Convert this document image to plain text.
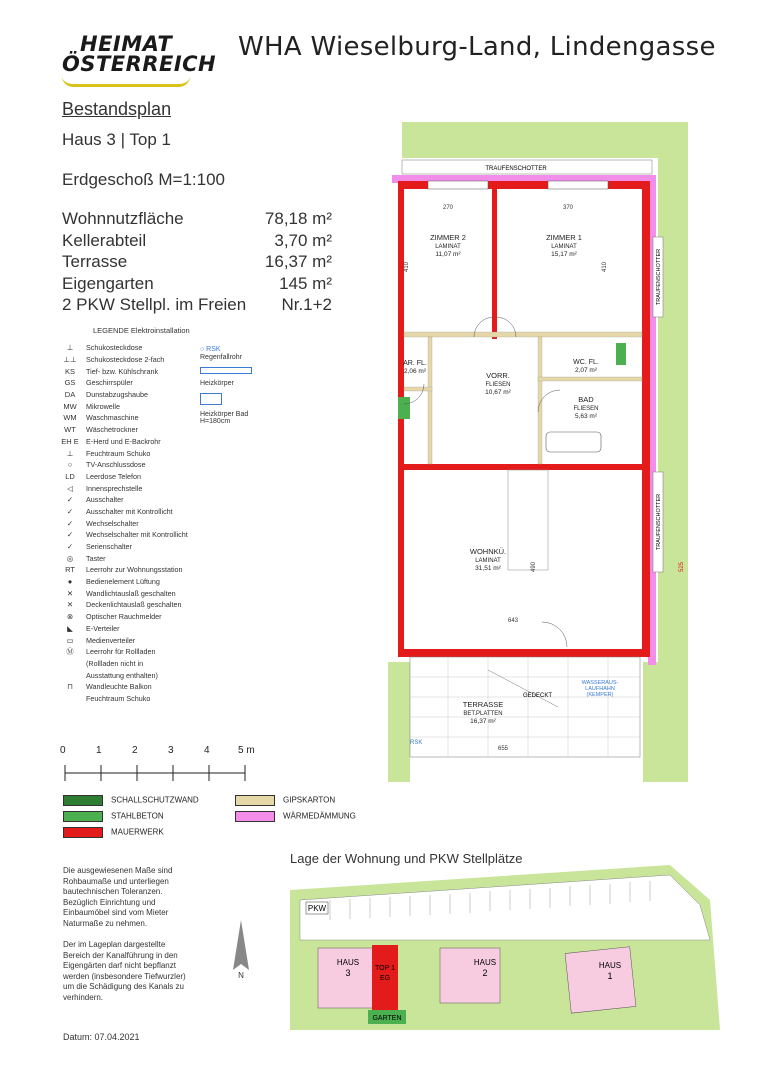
HEIMAT
ÖSTERREICH
WHA Wieselburg-Land, Lindengasse
Bestandsplan
Haus 3 | Top 1
Erdgeschoß M=1:100
Wohnnutzfläche	78,18 m²
Kellerabteil	3,70 m²
Terrasse	16,37 m²
Eigengarten	145 m²
2 PKW Stellpl. im Freien Nr.1+2
LEGENDE Elektroinstallation
⊥	Schukosteckdose
⊥⊥	Schukosteckdose 2-fach
KS	Tief- bzw. Kühlschrank
GS	Geschirrspüler
DA	Dunstabzugshaube
MW	Mikrowelle
WM	Waschmaschine
WT	Wäschetrockner
EH E	E-Herd und E-Backrohr
⊥	Feuchtraum Schuko
○	TV-Anschlussdose
LD	Leerdose Telefon
◁	Innensprechstelle
✓	Ausschalter
✓	Ausschalter mit Kontrollicht
✓	Wechselschalter
✓	Wechselschalter mit Kontrollicht
✓	Serienschalter
◎	Taster
RT	Leerrohr zur Wohnungsstation
●	Bedienelement Lüftung
✕	Wandlichtauslaß geschalten
✕	Deckenlichtauslaß geschalten
⊗	Optischer Rauchmelder
◣	E-Verteiler
▭	Medienverteiler
Ⓜ	Leerrohr für Rollladen
(Rollladen nicht in
Ausstattung enthalten)
⊓	Wandleuchte Balkon
Feuchtraum Schuko
○ RSK
Regenfallrohr
Heizkörper
Heizkörper Bad
H=180cm
0	1	2	3	4	5 m
SCHALLSCHUTZWAND
STAHLBETON
MAUERWERK
GIPSKARTON
WÄRMEDÄMMUNG
TRAUFENSCHOTTER
GEDECKT
WASSERAUS-
LAUFHAHN
(KEMPER)
RSK
TRAUFENSCHOTTER
TRAUFENSCHOTTER
270	370
410	410
643
655
525
490
ZIMMER 2
LAMINAT
11,07 m²
ZIMMER 1
LAMINAT
15,17 m²
AR. FL.
2,06 m²	VORR.
FLIESEN
10,67 m²
WC. FL.
2,07 m²
BAD
FLIESEN
5,63 m²
WOHNKÜ.
LAMINAT
31,51 m²
TERRASSE
BET.PLATTEN
16,37 m²
Lage der Wohnung und PKW Stellplätze
PKW
HAUS
3	TOP 1
EG
GARTEN
HAUS
2
HAUS
1
N
Die ausgewiesenen Maße sind Rohbaumaße und unterliegen bautechnischen Toleranzen. Bezüglich Einrichtung und Einbaumöbel sind vom Mieter Naturmaße zu nehmen.
Der im Lageplan dargestellte Bereich der Kanalführung in den Eigengärten darf nicht bepflanzt werden (insbesondere Tiefwurzler) um die Schädigung des Kanals zu verhindern.
Datum: 07.04.2021
